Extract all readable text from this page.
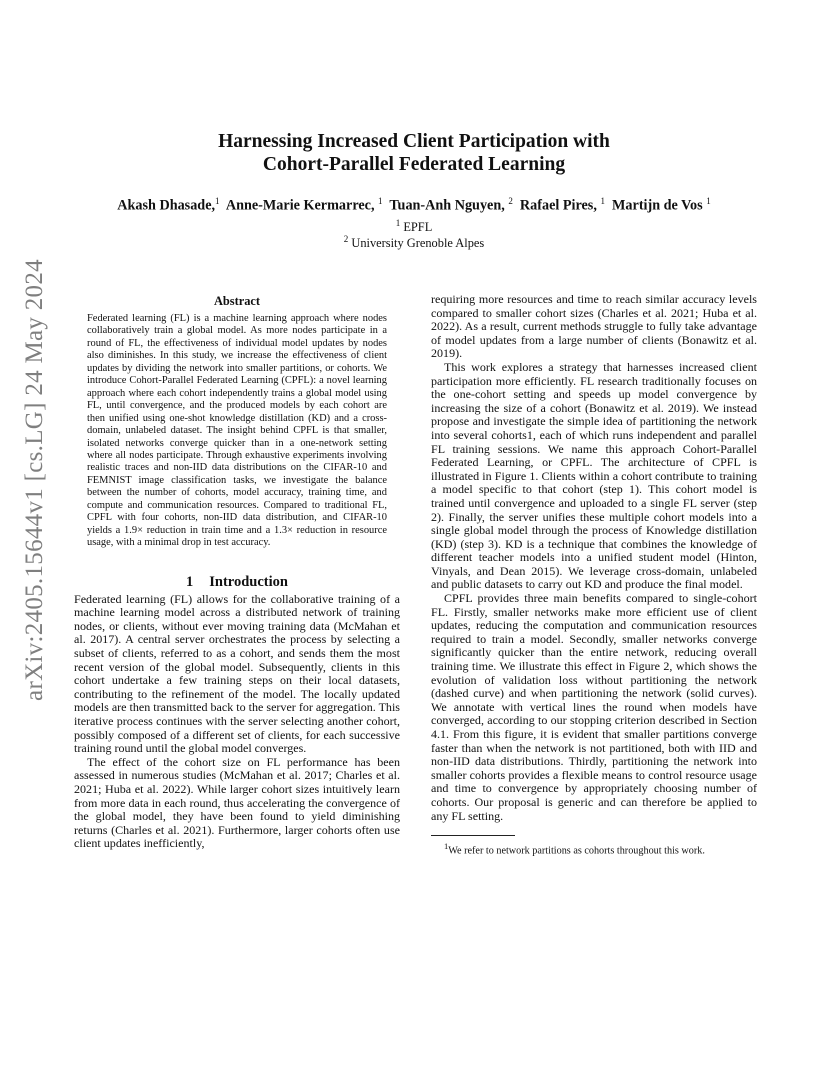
arXiv:2405.15644v1 [cs.LG] 24 May 2024
Harnessing Increased Client Participation with
Cohort-Parallel Federated Learning
Akash Dhasade,$^1$ Anne-Marie Kermarrec, $^1$ Tuan-Anh Nguyen, $^2$ Rafael Pires, $^1$ Martijn de Vos $^1$
$^1$ EPFL
$^2$ University Grenoble Alpes
Abstract
Federated learning (FL) is a machine learning approach where nodes collaboratively train a global model. As more nodes participate in a round of FL, the effectiveness of individual model updates by nodes also diminishes. In this study, we increase the effectiveness of client updates by dividing the network into smaller partitions, or cohorts. We introduce Cohort-Parallel Federated Learning (CPFL): a novel learning approach where each cohort independently trains a global model using FL, until convergence, and the produced models by each cohort are then unified using one-shot knowledge distillation (KD) and a cross-domain, unlabeled dataset. The insight behind CPFL is that smaller, isolated networks converge quicker than in a one-network setting where all nodes participate. Through exhaustive experiments involving realistic traces and non-IID data distributions on the CIFAR-10 and FEMNIST image classification tasks, we investigate the balance between the number of cohorts, model accuracy, training time, and compute and communication resources. Compared to traditional FL, CPFL with four cohorts, non-IID data distribution, and CIFAR-10 yields a 1.9× reduction in train time and a 1.3× reduction in resource usage, with a minimal drop in test accuracy.
1 Introduction

Federated learning (FL) allows for the collaborative training of a machine learning model across a distributed network of training nodes, or clients, without ever moving training data (McMahan et al. 2017). A central server orchestrates the process by selecting a subset of clients, referred to as a cohort, and sends them the most recent version of the global model. Subsequently, clients in this cohort undertake a few training steps on their local datasets, contributing to the refinement of the model. The locally updated models are then transmitted back to the server for aggregation. This iterative process continues with the server selecting another cohort, possibly composed of a different set of clients, for each successive training round until the global model converges.

The effect of the cohort size on FL performance has been assessed in numerous studies (McMahan et al. 2017; Charles et al. 2021; Huba et al. 2022). While larger cohort sizes intuitively learn from more data in each round, thus accelerating the convergence of the global model, they have been found to yield diminishing returns (Charles et al. 2021). Furthermore, larger cohorts often use client updates inefficiently,

requiring more resources and time to reach similar accuracy levels compared to smaller cohort sizes (Charles et al. 2021; Huba et al. 2022). As a result, current methods struggle to fully take advantage of model updates from a large number of clients (Bonawitz et al. 2019).

This work explores a strategy that harnesses increased client participation more efficiently. FL research traditionally focuses on the one-cohort setting and speeds up model convergence by increasing the size of a cohort (Bonawitz et al. 2019). We instead propose and investigate the simple idea of partitioning the network into several cohorts1, each of which runs independent and parallel FL training sessions. We name this approach Cohort-Parallel Federated Learning, or CPFL. The architecture of CPFL is illustrated in Figure 1. Clients within a cohort contribute to training a model specific to that cohort (step 1). This cohort model is trained until convergence and uploaded to a single FL server (step 2). Finally, the server unifies these multiple cohort models into a single global model through the process of Knowledge distillation (KD) (step 3). KD is a technique that combines the knowledge of different teacher models into a unified student model (Hinton, Vinyals, and Dean 2015). We leverage cross-domain, unlabeled and public datasets to carry out KD and produce the final model.

CPFL provides three main benefits compared to single-cohort FL. Firstly, smaller networks make more efficient use of client updates, reducing the computation and communication resources required to train a model. Secondly, smaller networks converge significantly quicker than the entire network, reducing overall training time. We illustrate this effect in Figure 2, which shows the evolution of validation loss without partitioning the network (dashed curve) and when partitioning the network (solid curves). We annotate with vertical lines the round when models have converged, according to our stopping criterion described in Section 4.1. From this figure, it is evident that smaller partitions converge faster than when the network is not partitioned, both with IID and non-IID data distributions. Thirdly, partitioning the network into smaller cohorts provides a flexible means to control resource usage and time to convergence by appropriately choosing number of cohorts. Our proposal is generic and can therefore be applied to any FL setting.

$^1$We refer to network partitions as cohorts throughout this work.
